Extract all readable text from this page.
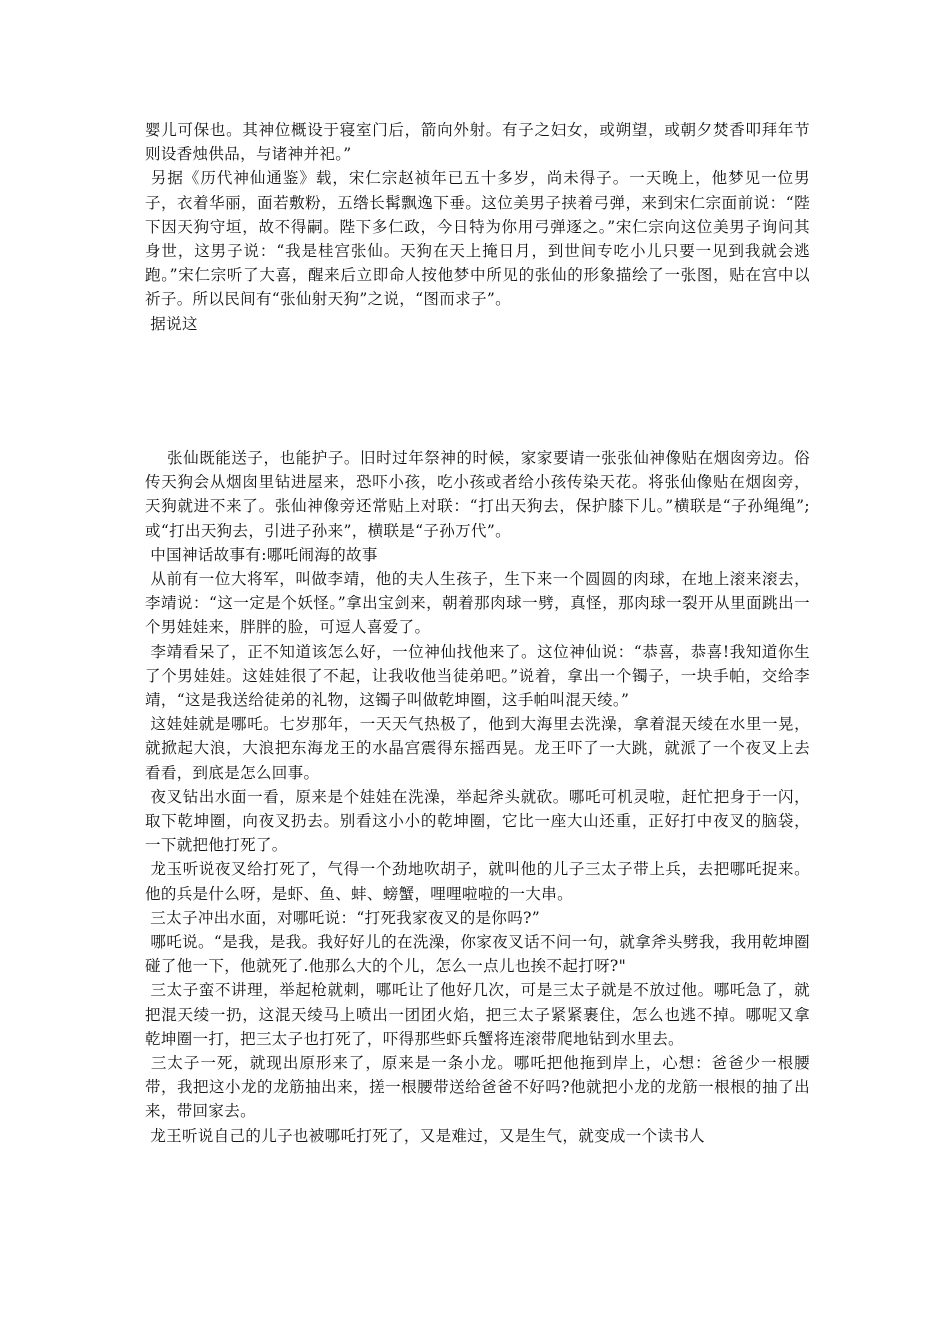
婴儿可保也。其神位概设于寝室门后，箭向外射。有子之妇女，或朔望，或朝夕焚香叩拜年节则设香烛供品，与诸神并祀。”

另据《历代神仙通鉴》载，宋仁宗赵祯年已五十多岁，尚未得子。一天晚上，他梦见一位男子，衣着华丽，面若敷粉，五绺长髯飘逸下垂。这位美男子挟着弓弹，来到宋仁宗面前说：“陛下因天狗守垣，故不得嗣。陛下多仁政，今日特为你用弓弹逐之。”宋仁宗向这位美男子询问其身世，这男子说：“我是桂宫张仙。天狗在天上掩日月，到世间专吃小儿只要一见到我就会逃跑。”宋仁宗听了大喜，醒来后立即命人按他梦中所见的张仙的形象描绘了一张图，贴在宫中以祈子。所以民间有“张仙射天狗”之说，“图而求子”。

据说这

张仙既能送子，也能护子。旧时过年祭神的时候，家家要请一张张仙神像贴在烟囱旁边。俗传天狗会从烟囱里钻进屋来，恐吓小孩，吃小孩或者给小孩传染天花。将张仙像贴在烟囱旁，天狗就进不来了。张仙神像旁还常贴上对联：“打出天狗去，保护膝下儿。”横联是“子孙绳绳”;或“打出天狗去，引进子孙来”，横联是“子孙万代”。

中国神话故事有:哪吒闹海的故事

从前有一位大将军，叫做李靖，他的夫人生孩子，生下来一个圆圆的肉球，在地上滚来滚去，李靖说：“这一定是个妖怪。”拿出宝剑来，朝着那肉球一劈，真怪，那肉球一裂开从里面跳出一个男娃娃来，胖胖的脸，可逗人喜爱了。

李靖看呆了，正不知道该怎么好，一位神仙找他来了。这位神仙说：“恭喜，恭喜!我知道你生了个男娃娃。这娃娃很了不起，让我收他当徒弟吧。”说着，拿出一个镯子，一块手帕，交给李靖，“这是我送给徒弟的礼物，这镯子叫做乾坤圈，这手帕叫混天绫。”

这娃娃就是哪吒。七岁那年，一天天气热极了，他到大海里去洗澡，拿着混天绫在水里一晃，就掀起大浪，大浪把东海龙王的水晶宫震得东摇西晃。龙王吓了一大跳，就派了一个夜叉上去看看，到底是怎么回事。

夜叉钻出水面一看，原来是个娃娃在洗澡，举起斧头就砍。哪吒可机灵啦，赶忙把身于一闪，取下乾坤圈，向夜叉扔去。别看这小小的乾坤圈，它比一座大山还重，正好打中夜叉的脑袋，一下就把他打死了。

龙玉听说夜叉给打死了，气得一个劲地吹胡子，就叫他的儿子三太子带上兵，去把哪吒捉来。他的兵是什么呀，是虾、鱼、蚌、螃蟹，哩哩啦啦的一大串。

三太子冲出水面，对哪吒说：“打死我家夜叉的是你吗?”

哪吒说。“是我，是我。我好好儿的在洗澡，你家夜叉话不问一句，就拿斧头劈我，我用乾坤圈碰了他一下，他就死了.他那么大的个儿，怎么一点儿也挨不起打呀?"

三太子蛮不讲理，举起枪就刺，哪吒让了他好几次，可是三太子就是不放过他。哪吒急了，就把混天绫一扔，这混天绫马上喷出一团团火焰，把三太子紧紧裹住，怎么也逃不掉。哪呢又拿乾坤圈一打，把三太子也打死了，吓得那些虾兵蟹将连滚带爬地钻到水里去。

三太子一死，就现出原形来了，原来是一条小龙。哪吒把他拖到岸上，心想：爸爸少一根腰带，我把这小龙的龙筋抽出来，搓一根腰带送给爸爸不好吗?他就把小龙的龙筋一根根的抽了出来，带回家去。

龙王听说自己的儿子也被哪吒打死了，又是难过，又是生气，就变成一个读书人
